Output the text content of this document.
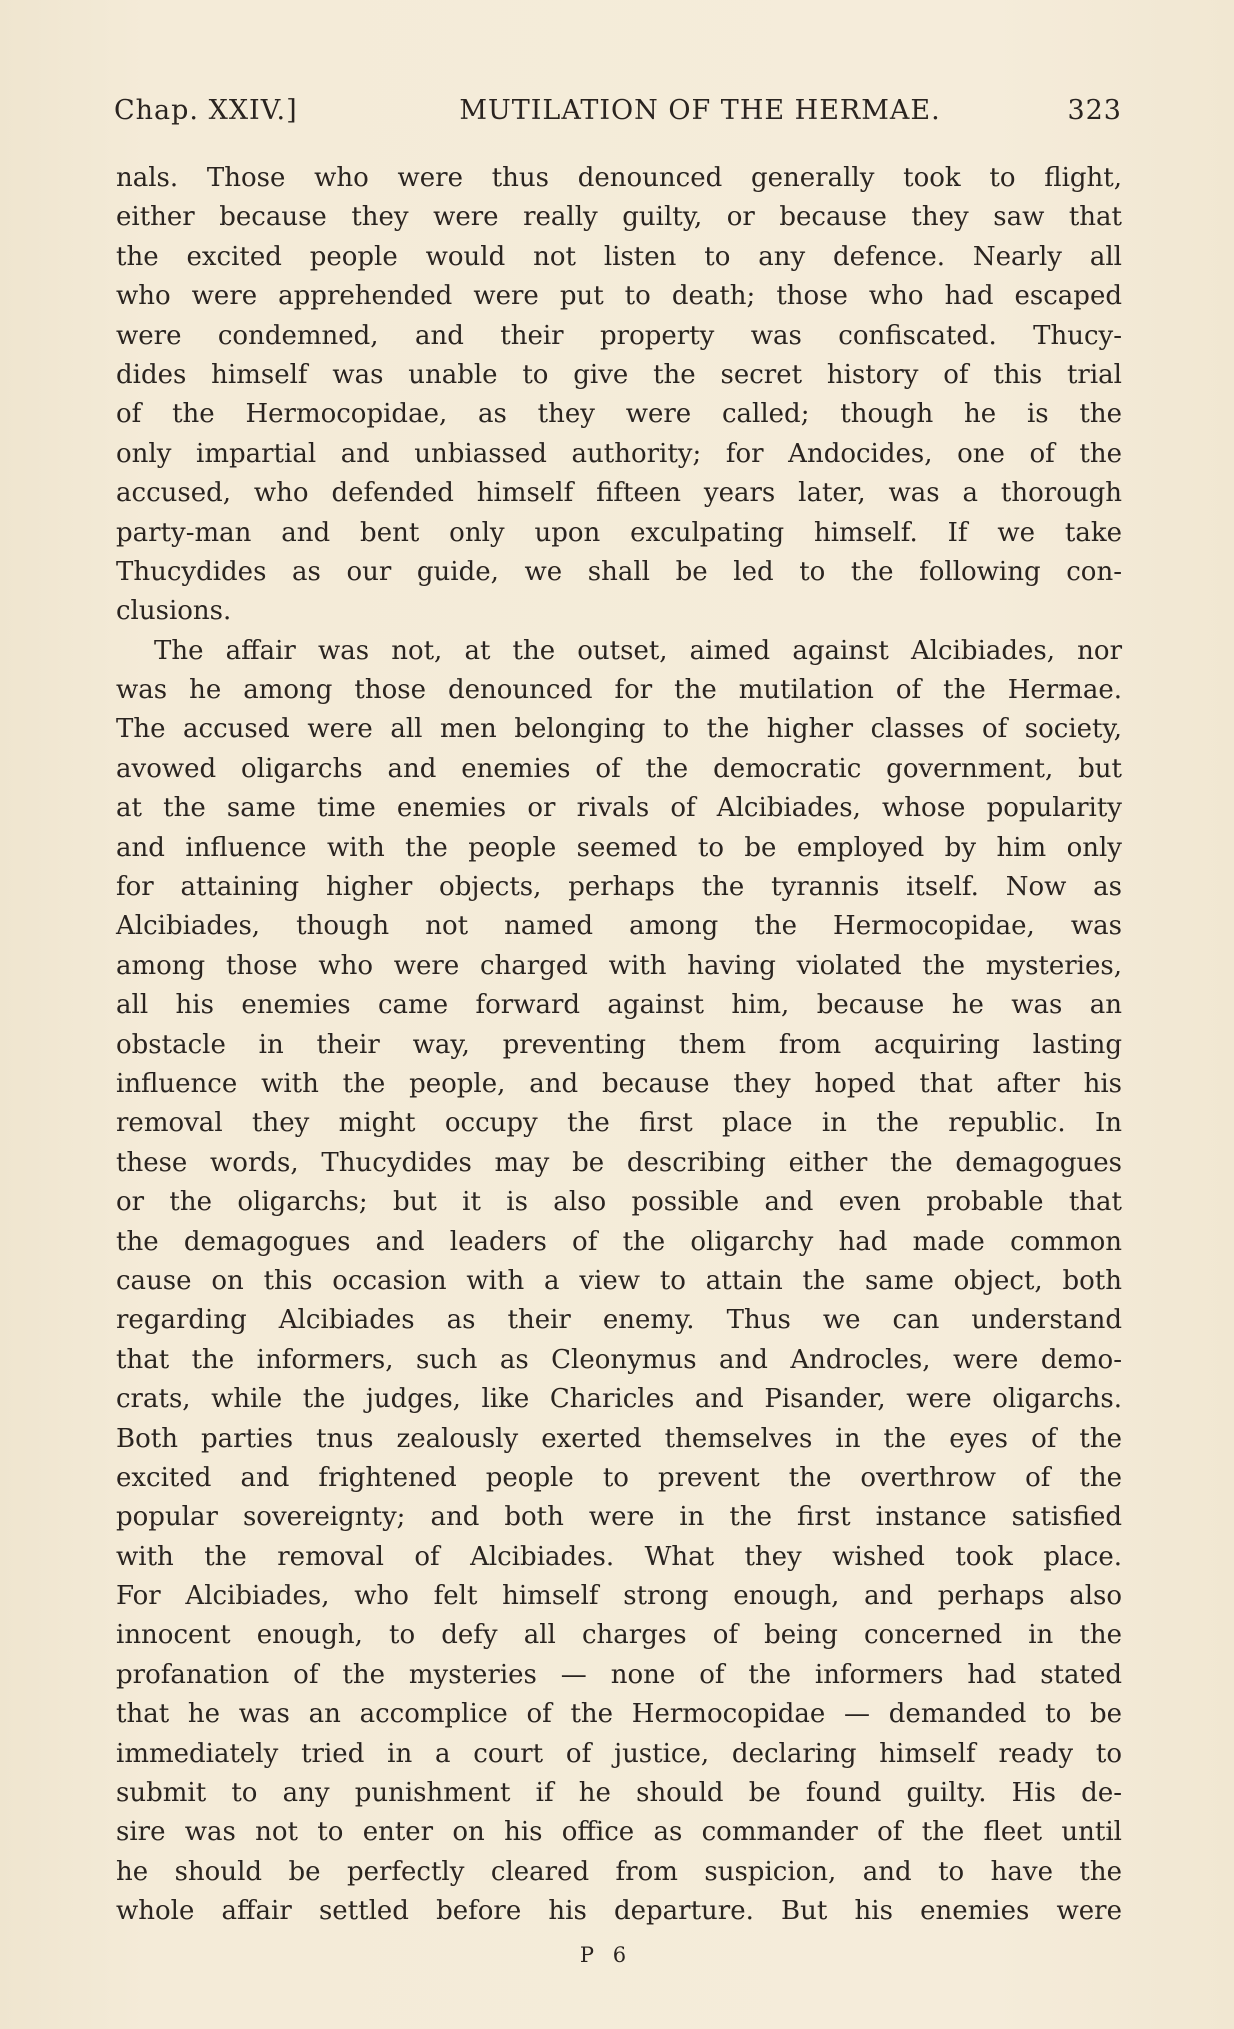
Chap. XXIV.]	MUTILATION OF THE HERMAE.	323
nals. Those who were thus denounced generally took to flight,
either because they were really guilty, or because they saw that
the excited people would not listen to any defence. Nearly all
who were apprehended were put to death; those who had escaped
were condemned, and their property was confiscated. Thucy-
dides himself was unable to give the secret history of this trial
of the Hermocopidae, as they were called; though he is the
only impartial and unbiassed authority; for Andocides, one of the
accused, who defended himself fifteen years later, was a thorough
party-man and bent only upon exculpating himself. If we take
Thucydides as our guide, we shall be led to the following con-
clusions.
The affair was not, at the outset, aimed against Alcibiades, nor
was he among those denounced for the mutilation of the Hermae.
The accused were all men belonging to the higher classes of society,
avowed oligarchs and enemies of the democratic government, but
at the same time enemies or rivals of Alcibiades, whose popularity
and influence with the people seemed to be employed by him only
for attaining higher objects, perhaps the tyrannis itself. Now as
Alcibiades, though not named among the Hermocopidae, was
among those who were charged with having violated the mysteries,
all his enemies came forward against him, because he was an
obstacle in their way, preventing them from acquiring lasting
influence with the people, and because they hoped that after his
removal they might occupy the first place in the republic. In
these words, Thucydides may be describing either the demagogues
or the oligarchs; but it is also possible and even probable that
the demagogues and leaders of the oligarchy had made common
cause on this occasion with a view to attain the same object, both
regarding Alcibiades as their enemy. Thus we can understand
that the informers, such as Cleonymus and Androcles, were demo-
crats, while the judges, like Charicles and Pisander, were oligarchs.
Both parties tnus zealously exerted themselves in the eyes of the
excited and frightened people to prevent the overthrow of the
popular sovereignty; and both were in the first instance satisfied
with the removal of Alcibiades. What they wished took place.
For Alcibiades, who felt himself strong enough, and perhaps also
innocent enough, to defy all charges of being concerned in the
profanation of the mysteries — none of the informers had stated
that he was an accomplice of the Hermocopidae — demanded to be
immediately tried in a court of justice, declaring himself ready to
submit to any punishment if he should be found guilty. His de-
sire was not to enter on his office as commander of the fleet until
he should be perfectly cleared from suspicion, and to have the
whole affair settled before his departure. But his enemies were
P 6
